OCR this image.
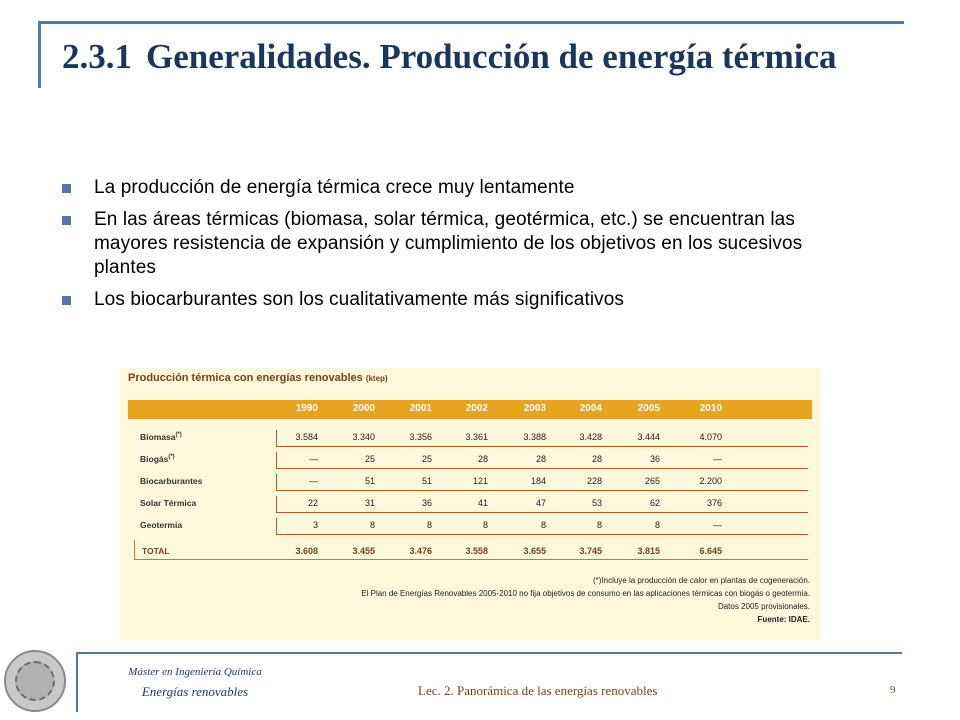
2.3.1 Generalidades. Producción de energía térmica
La producción de energía térmica crece muy lentamente
En las áreas térmicas (biomasa, solar térmica, geotérmica, etc.) se encuentran las mayores resistencia de expansión y cumplimiento de los objetivos en los sucesivos plantes
Los biocarburantes son los cualitativamente más significativos
Producción térmica con energías renovables (ktep)
1990	2000	2001	2002	2003	2004	2005	2010
Biomasa(*)	3.584	3.340	3.356	3.361	3.388	3.428	3.444	4.070
Biogás(*)	—	25	25	28	28	28	36	—
Biocarburantes	—	51	51	121	184	228	265	2.200
Solar Térmica	22	31	36	41	47	53	62	376
Geotermia	3	8	8	8	8	8	8	—
TOTAL	3.608	3.455	3.476	3.558	3.655	3.745	3.815	6.645
(*)Incluye la producción de calor en plantas de cogeneración.
El Plan de Energías Renovables 2005-2010 no fija objetivos de consumo en las aplicaciones térmicas con biogás o geotermia.
Datos 2005 provisionales.
Fuente: IDAE.
Máster en Ingeniería Química
Energías renovables	Lec. 2. Panorámica de las energías renovables	9
